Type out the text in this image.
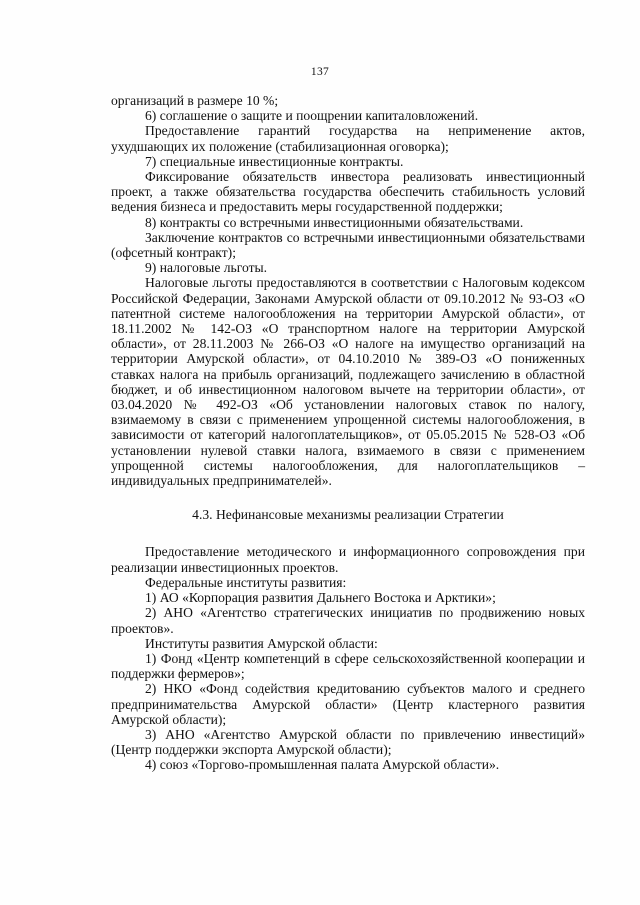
137

организаций в размере 10 %;

6) соглашение о защите и поощрении капиталовложений.

Предоставление гарантий государства на неприменение актов, ухудшающих их положение (стабилизационная оговорка);

7) специальные инвестиционные контракты.

Фиксирование обязательств инвестора реализовать инвестиционный проект, а также обязательства государства обеспечить стабильность условий ведения бизнеса и предоставить меры государственной поддержки;

8) контракты со встречными инвестиционными обязательствами.

Заключение контрактов со встречными инвестиционными обязательствами (офсетный контракт);

9) налоговые льготы.

Налоговые льготы предоставляются в соответствии с Налоговым кодексом Российской Федерации, Законами Амурской области от 09.10.2012 № 93-ОЗ «О патентной системе налогообложения на территории Амурской области», от 18.11.2002 № 142-ОЗ «О транспортном налоге на территории Амурской области», от 28.11.2003 № 266-ОЗ «О налоге на имущество организаций на территории Амурской области», от 04.10.2010 № 389-ОЗ «О пониженных ставках налога на прибыль организаций, подлежащего зачислению в областной бюджет, и об инвестиционном налоговом вычете на территории области», от 03.04.2020 № 492-ОЗ «Об установлении налоговых ставок по налогу, взимаемому в связи с применением упрощенной системы налогообложения, в зависимости от категорий налогоплательщиков», от 05.05.2015 № 528-ОЗ «Об установлении нулевой ставки налога, взимаемого в связи с применением упрощенной системы налогообложения, для налогоплательщиков – индивидуальных предпринимателей».

4.3. Нефинансовые механизмы реализации Стратегии

Предоставление методического и информационного сопровождения при реализации инвестиционных проектов.

Федеральные институты развития:

1) АО «Корпорация развития Дальнего Востока и Арктики»;

2) АНО «Агентство стратегических инициатив по продвижению новых проектов».

Институты развития Амурской области:

1) Фонд «Центр компетенций в сфере сельскохозяйственной кооперации и поддержки фермеров»;

2) НКО «Фонд содействия кредитованию субъектов малого и среднего предпринимательства Амурской области» (Центр кластерного развития Амурской области);

3) АНО «Агентство Амурской области по привлечению инвестиций» (Центр поддержки экспорта Амурской области);

4) союз «Торгово-промышленная палата Амурской области».
